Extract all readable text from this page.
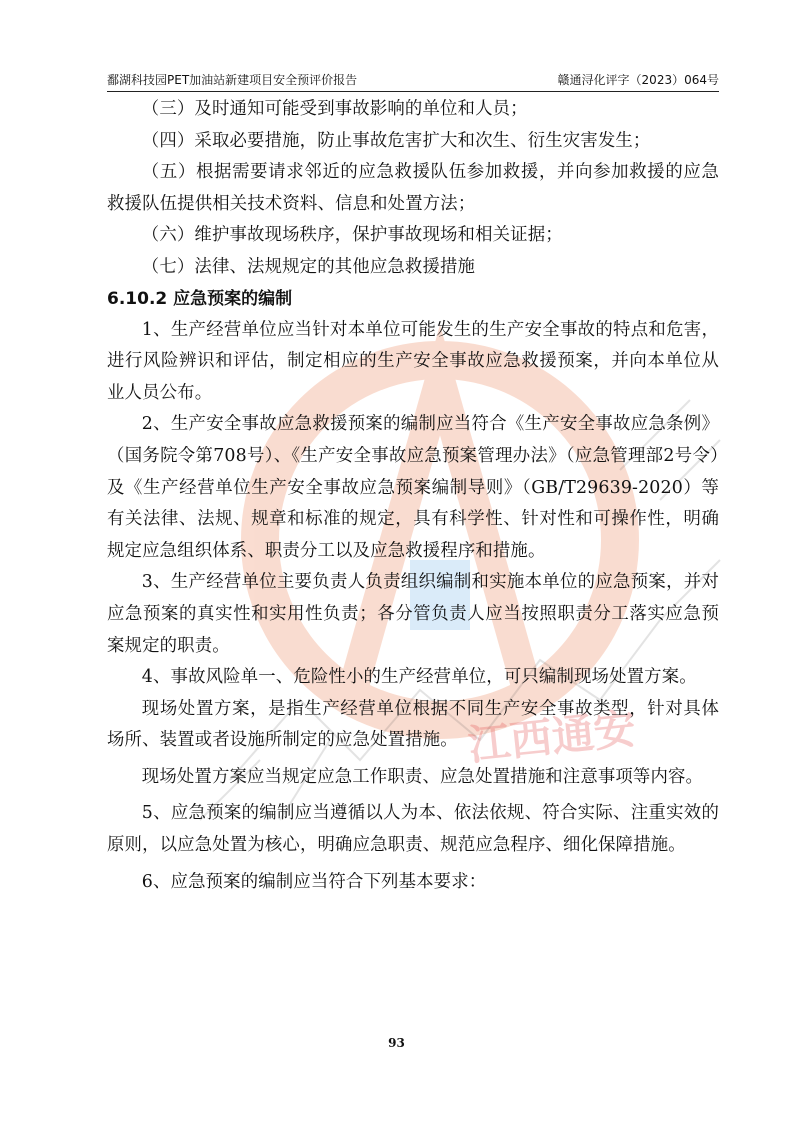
江西通安
鄱湖科技园PET加油站新建项目安全预评价报告	赣通浔化评字（2023）064号

（三）及时通知可能受到事故影响的单位和人员；

（四）采取必要措施，防止事故危害扩大和次生、衍生灾害发生；

（五）根据需要请求邻近的应急救援队伍参加救援，并向参加救援的应急救援队伍提供相关技术资料、信息和处置方法；

（六）维护事故现场秩序，保护事故现场和相关证据；

（七）法律、法规规定的其他应急救援措施

6.10.2 应急预案的编制

1、生产经营单位应当针对本单位可能发生的生产安全事故的特点和危害，进行风险辨识和评估，制定相应的生产安全事故应急救援预案，并向本单位从业人员公布。

2、生产安全事故应急救援预案的编制应当符合《生产安全事故应急条例》（国务院令第708号）、《生产安全事故应急预案管理办法》（应急管理部2号令）及《生产经营单位生产安全事故应急预案编制导则》（GB/T29639-2020）等有关法律、法规、规章和标准的规定，具有科学性、针对性和可操作性，明确规定应急组织体系、职责分工以及应急救援程序和措施。

3、生产经营单位主要负责人负责组织编制和实施本单位的应急预案，并对应急预案的真实性和实用性负责；各分管负责人应当按照职责分工落实应急预案规定的职责。

4、事故风险单一、危险性小的生产经营单位，可只编制现场处置方案。

现场处置方案，是指生产经营单位根据不同生产安全事故类型，针对具体场所、装置或者设施所制定的应急处置措施。

现场处置方案应当规定应急工作职责、应急处置措施和注意事项等内容。

5、应急预案的编制应当遵循以人为本、依法依规、符合实际、注重实效的原则，以应急处置为核心，明确应急职责、规范应急程序、细化保障措施。

6、应急预案的编制应当符合下列基本要求：

93
